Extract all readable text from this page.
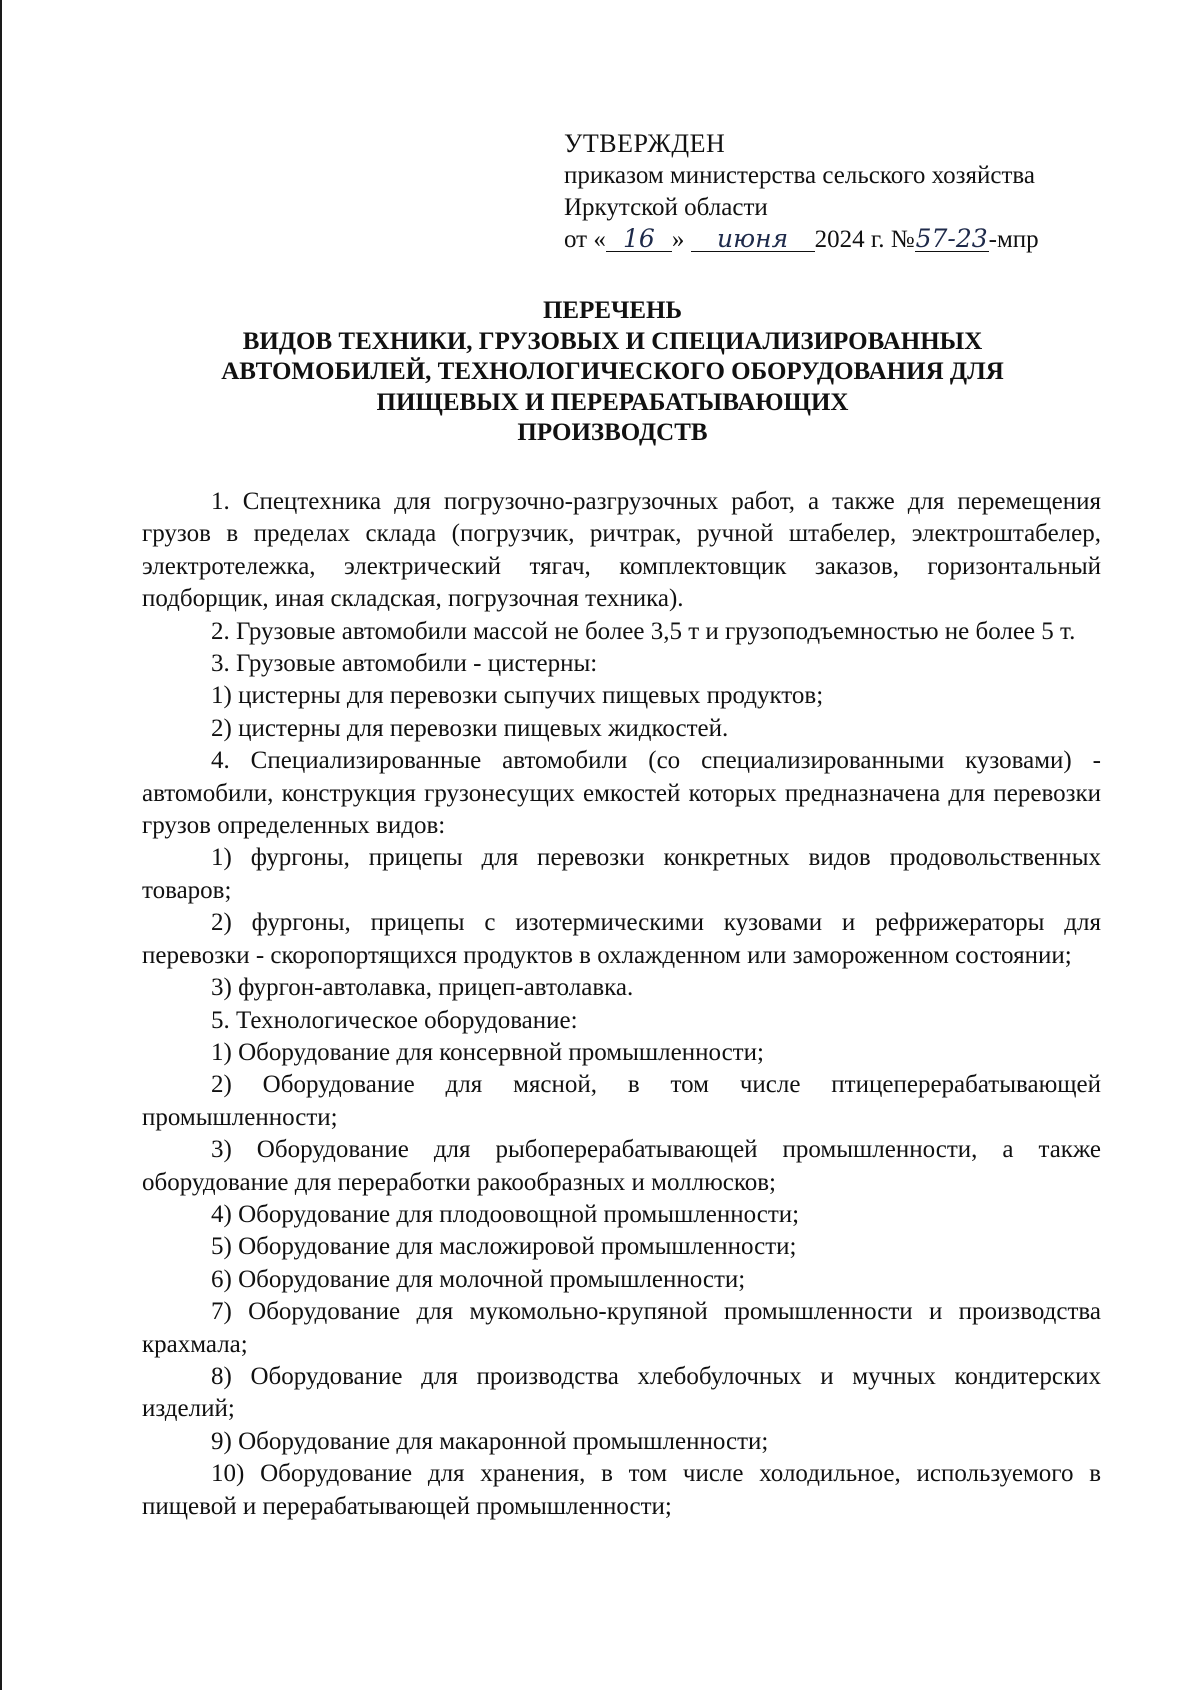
УТВЕРЖДЕН
приказом министерства сельского хозяйства
Иркутской области
от « 16 » июня 2024 г. №57-23-мпр
ПЕРЕЧЕНЬ
ВИДОВ ТЕХНИКИ, ГРУЗОВЫХ И СПЕЦИАЛИЗИРОВАННЫХ
АВТОМОБИЛЕЙ, ТЕХНОЛОГИЧЕСКОГО ОБОРУДОВАНИЯ ДЛЯ
ПИЩЕВЫХ И ПЕРЕРАБАТЫВАЮЩИХ
ПРОИЗВОДСТВ

1. Спецтехника для погрузочно-разгрузочных работ, а также для перемещения грузов в пределах склада (погрузчик, ричтрак, ручной штабелер, электроштабелер, электротележка, электрический тягач, комплектовщик заказов, горизонтальный подборщик, иная складская, погрузочная техника).

2. Грузовые автомобили массой не более 3,5 т и грузоподъемностью не более 5 т.

3. Грузовые автомобили - цистерны:

1) цистерны для перевозки сыпучих пищевых продуктов;

2) цистерны для перевозки пищевых жидкостей.

4. Специализированные автомобили (со специализированными кузовами) - автомобили, конструкция грузонесущих емкостей которых предназначена для перевозки грузов определенных видов:

1) фургоны, прицепы для перевозки конкретных видов продовольственных товаров;

2) фургоны, прицепы с изотермическими кузовами и рефрижераторы для перевозки - скоропортящихся продуктов в охлажденном или замороженном состоянии;

3) фургон-автолавка, прицеп-автолавка.

5. Технологическое оборудование:

1) Оборудование для консервной промышленности;

2) Оборудование для мясной, в том числе птицеперерабатывающей промышленности;

3) Оборудование для рыбоперерабатывающей промышленности, а также оборудование для переработки ракообразных и моллюсков;

4) Оборудование для плодоовощной промышленности;

5) Оборудование для масложировой промышленности;

6) Оборудование для молочной промышленности;

7) Оборудование для мукомольно-крупяной промышленности и производства крахмала;

8) Оборудование для производства хлебобулочных и мучных кондитерских изделий;

9) Оборудование для макаронной промышленности;

10) Оборудование для хранения, в том числе холодильное, используемого в пищевой и перерабатывающей промышленности;
